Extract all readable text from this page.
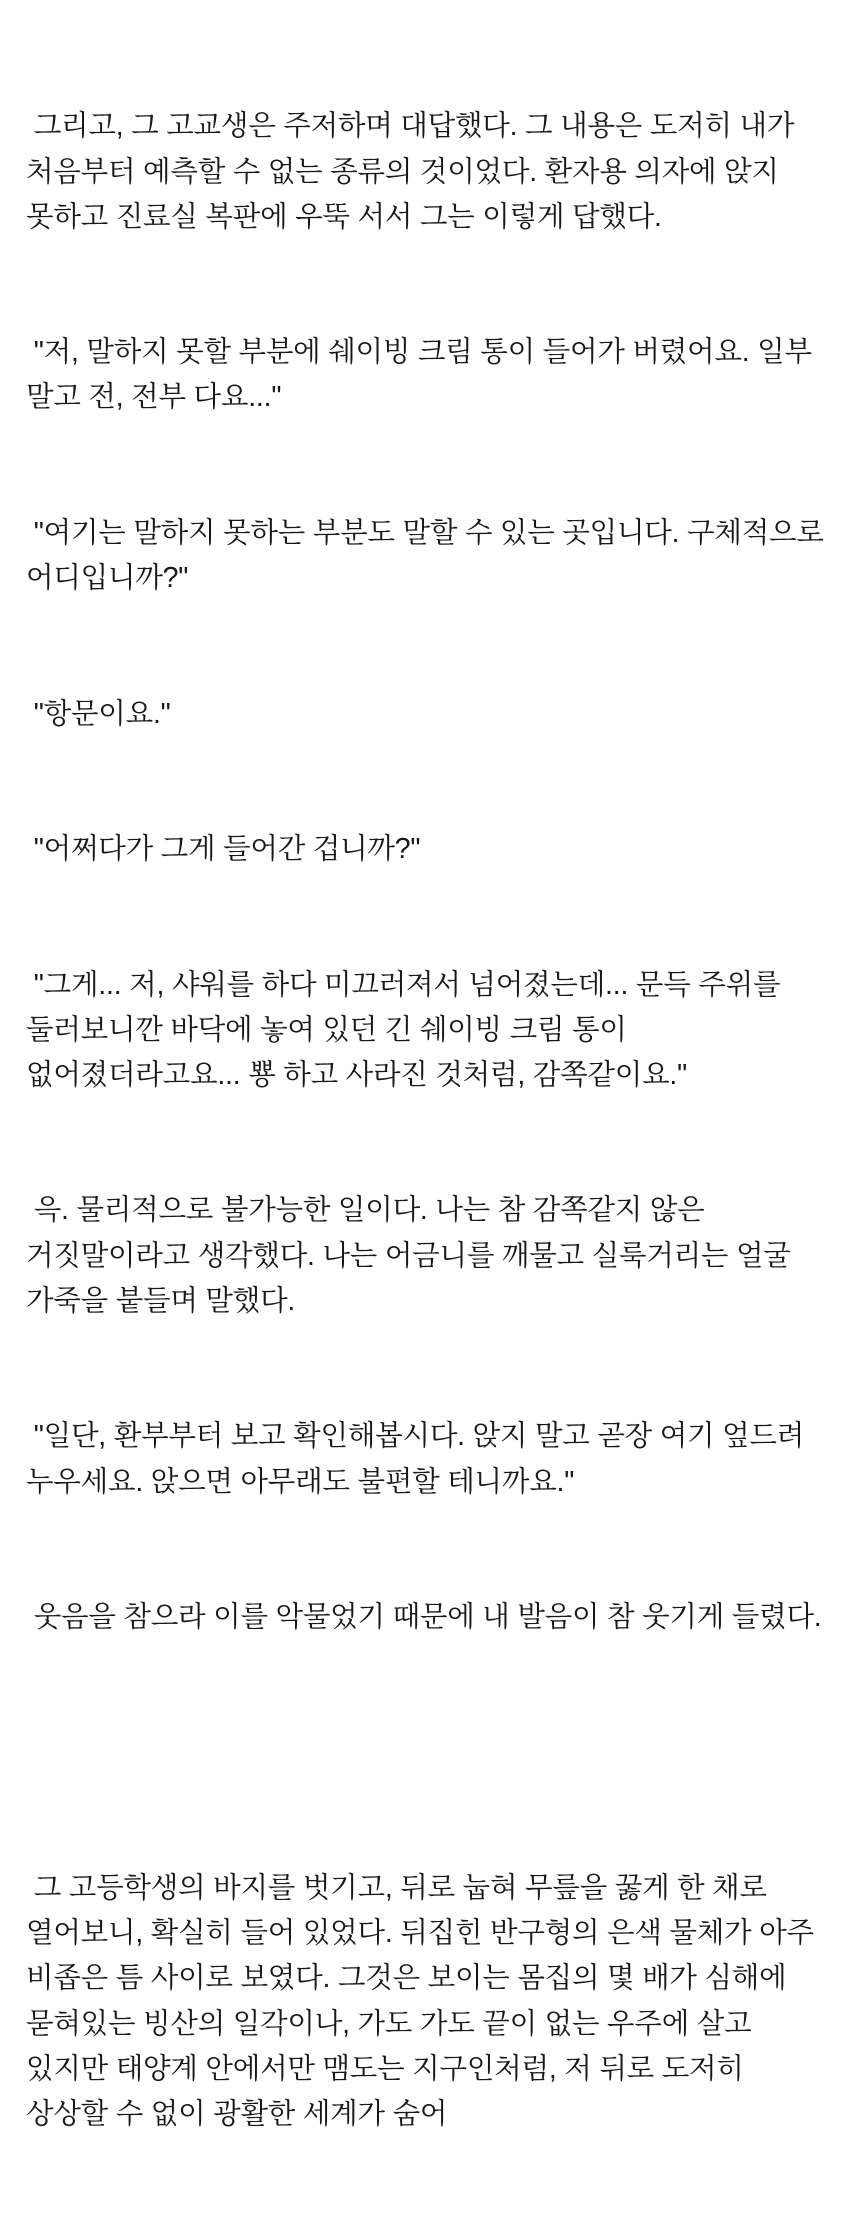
그리고, 그 고교생은 주저하며 대답했다. 그 내용은 도저히 내가 처음부터 예측할 수 없는 종류의 것이었다. 환자용 의자에 앉지 못하고 진료실 복판에 우뚝 서서 그는 이렇게 답했다.

"저, 말하지 못할 부분에 쉐이빙 크림 통이 들어가 버렸어요. 일부 말고 전, 전부 다요..."

"여기는 말하지 못하는 부분도 말할 수 있는 곳입니다. 구체적으로 어디입니까?"

"항문이요."

"어쩌다가 그게 들어간 겁니까?"

"그게... 저, 샤워를 하다 미끄러져서 넘어졌는데... 문득 주위를 둘러보니깐 바닥에 놓여 있던 긴 쉐이빙 크림 통이 없어졌더라고요... 뿅 하고 사라진 것처럼, 감쪽같이요."

윽. 물리적으로 불가능한 일이다. 나는 참 감쪽같지 않은 거짓말이라고 생각했다. 나는 어금니를 깨물고 실룩거리는 얼굴 가죽을 붙들며 말했다.

"일단, 환부부터 보고 확인해봅시다. 앉지 말고 곧장 여기 엎드려 누우세요. 앉으면 아무래도 불편할 테니까요."

웃음을 참으라 이를 악물었기 때문에 내 발음이 참 웃기게 들렸다.

그 고등학생의 바지를 벗기고, 뒤로 눕혀 무릎을 꿇게 한 채로 열어보니, 확실히 들어 있었다. 뒤집힌 반구형의 은색 물체가 아주 비좁은 틈 사이로 보였다. 그것은 보이는 몸집의 몇 배가 심해에 묻혀있는 빙산의 일각이나, 가도 가도 끝이 없는 우주에 살고 있지만 태양계 안에서만 맴도는 지구인처럼, 저 뒤로 도저히 상상할 수 없이 광활한 세계가 숨어
